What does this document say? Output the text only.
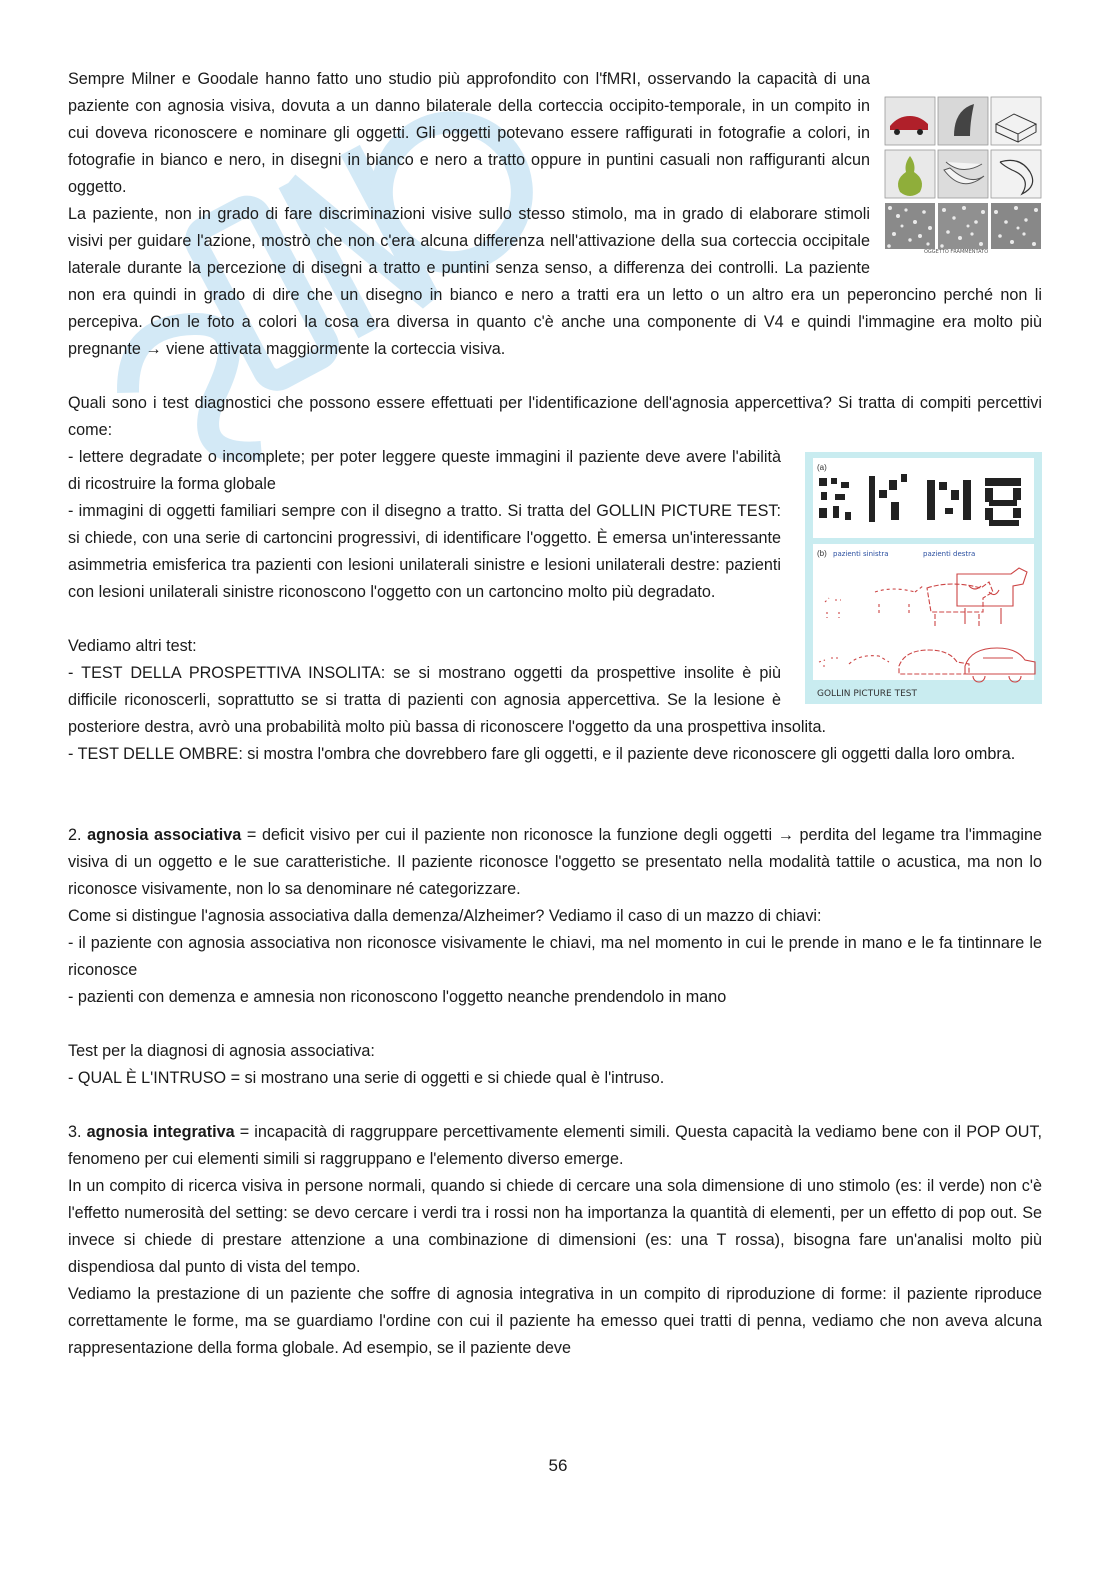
OGGETTO FRAMMENTATO

Sempre Milner e Goodale hanno fatto uno studio più approfondito con l'fMRI, osservando la capacità di una paziente con agnosia visiva, dovuta a un danno bilaterale della corteccia occipito-temporale, in un compito in cui doveva riconoscere e nominare gli oggetti. Gli oggetti potevano essere raffigurati in fotografie a colori, in fotografie in bianco e nero, in disegni in bianco e nero a tratto oppure in puntini casuali non raffiguranti alcun oggetto.

La paziente, non in grado di fare discriminazioni visive sullo stesso stimolo, ma in grado di elaborare stimoli visivi per guidare l'azione, mostrò che non c'era alcuna differenza nell'attivazione della sua corteccia occipitale laterale durante la percezione di disegni a tratto e puntini senza senso, a differenza dei controlli. La paziente non era quindi in grado di dire che un disegno in bianco e nero a tratti era un letto o un altro era un peperoncino perché non li percepiva. Con le foto a colori la cosa era diversa in quanto c'è anche una componente di V4 e quindi l'immagine era molto più pregnante → viene attivata maggiormente la corteccia visiva.

Quali sono i test diagnostici che possono essere effettuati per l'identificazione dell'agnosia appercettiva? Si tratta di compiti percettivi come:

(a)
(b) pazienti sinistra	pazienti destra
GOLLIN PICTURE TEST

- lettere degradate o incomplete; per poter leggere queste immagini il paziente deve avere l'abilità di ricostruire la forma globale

- immagini di oggetti familiari sempre con il disegno a tratto. Si tratta del GOLLIN PICTURE TEST: si chiede, con una serie di cartoncini progressivi, di identificare l'oggetto. È emersa un'interessante asimmetria emisferica tra pazienti con lesioni unilaterali sinistre e lesioni unilaterali destre: pazienti con lesioni unilaterali sinistre riconoscono l'oggetto con un cartoncino molto più degradato.

Vediamo altri test:

- TEST DELLA PROSPETTIVA INSOLITA: se si mostrano oggetti da prospettive insolite è più difficile riconoscerli, soprattutto se si tratta di pazienti con agnosia appercettiva. Se la lesione è posteriore destra, avrò una probabilità molto più bassa di riconoscere l'oggetto da una prospettiva insolita.

- TEST DELLE OMBRE: si mostra l'ombra che dovrebbero fare gli oggetti, e il paziente deve riconoscere gli oggetti dalla loro ombra.

2. agnosia associativa = deficit visivo per cui il paziente non riconosce la funzione degli oggetti → perdita del legame tra l'immagine visiva di un oggetto e le sue caratteristiche. Il paziente riconosce l'oggetto se presentato nella modalità tattile o acustica, ma non lo riconosce visivamente, non lo sa denominare né categorizzare.

Come si distingue l'agnosia associativa dalla demenza/Alzheimer? Vediamo il caso di un mazzo di chiavi:

- il paziente con agnosia associativa non riconosce visivamente le chiavi, ma nel momento in cui le prende in mano e le fa tintinnare le riconosce

- pazienti con demenza e amnesia non riconoscono l'oggetto neanche prendendolo in mano

Test per la diagnosi di agnosia associativa:

- QUAL È L'INTRUSO = si mostrano una serie di oggetti e si chiede qual è l'intruso.

3. agnosia integrativa = incapacità di raggruppare percettivamente elementi simili. Questa capacità la vediamo bene con il POP OUT, fenomeno per cui elementi simili si raggruppano e l'elemento diverso emerge.

In un compito di ricerca visiva in persone normali, quando si chiede di cercare una sola dimensione di uno stimolo (es: il verde) non c'è l'effetto numerosità del setting: se devo cercare i verdi tra i rossi non ha importanza la quantità di elementi, per un effetto di pop out. Se invece si chiede di prestare attenzione a una combinazione di dimensioni (es: una T rossa), bisogna fare un'analisi molto più dispendiosa dal punto di vista del tempo.

Vediamo la prestazione di un paziente che soffre di agnosia integrativa in un compito di riproduzione di forme: il paziente riproduce correttamente le forme, ma se guardiamo l'ordine con cui il paziente ha emesso quei tratti di penna, vediamo che non aveva alcuna rappresentazione della forma globale. Ad esempio, se il paziente deve

56
